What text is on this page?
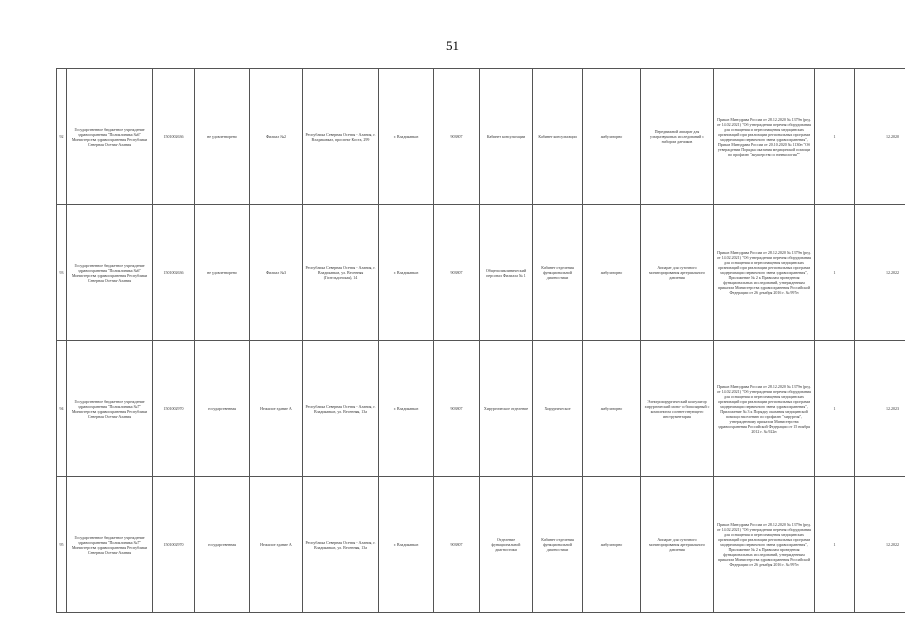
51
92	Государственное бюджетное учреждение здравоохранения "Поликлиника №6" Министерства здравоохранения Республики Северная Осетия-Алания	1501002636	не удовлетворено	Филиал №2	Республика Северная Осетия - Алания, г. Владикавказ, проспект Коста, 299	г. Владикавказ	903807	Кабинет консультации	Кабинет консультации	амбулаторно	Передвижной аппарат для ультразвуковых исследований с набором датчиков	Приказ Минздрава России от 28.12.2020 № 1379н (ред. от 14.02.2021) "Об утверждении перечня оборудования для оснащения и переоснащения медицинских организаций при реализации региональных программ модернизации первичного звена здравоохранения", Приказ Минздрава России от 20.10.2020 № 1130н "Об утверждении Порядка оказания медицинской помощи по профилю "акушерство и гинекология""	1	12.2020
93	Государственное бюджетное учреждение здравоохранения "Поликлиника №6" Министерства здравоохранения Республики Северная Осетия-Алания	1501002636	не удовлетворено	Филиал №3	Республика Северная Осетия - Алания, г. Владикавказ, ул. Весенняя (Гизельдонская), 14	г. Владикавказ	903807	Общеполиклинический персонал Филиала № 1	Кабинет отделения функциональной диагностики	амбулаторно	Аппарат для суточного мониторирования артериального давления	Приказ Минздрава России от 28.12.2020 № 1379н (ред. от 14.02.2021) "Об утверждении перечня оборудования для оснащения и переоснащения медицинских организаций при реализации региональных программ модернизации первичного звена здравоохранения", Приложение № 2 к Правилам проведения функциональных исследований, утвержденным приказом Министерства здравоохранения Российской Федерации от 26 декабря 2016 г. № 997н	1	12.2022
94	Государственное бюджетное учреждение здравоохранения "Поликлиника №7" Министерства здравоохранения Республики Северная Осетия-Алания	1501002970	государственная	Нежилое здание А	Республика Северная Осетия - Алания, г. Владикавказ, ул. Весенняя, 13а	г. Владикавказ	903807	Хирургическое отделение	Хирургическое	амбулаторно	Электрохирургический коагулятор хирургический моно- и биполярный с комплектом соответствующего инструментария	Приказ Минздрава России от 28.12.2020 № 1379н (ред. от 14.02.2021) "Об утверждении перечня оборудования для оснащения и переоснащения медицинских организаций при реализации региональных программ модернизации первичного звена здравоохранения", Приложение № 3 к Порядку оказания медицинской помощи населению по профилю "хирургия", утвержденному приказом Министерства здравоохранения Российской Федерации от 15 ноября 2012 г. № 922н	1	12.2023
95	Государственное бюджетное учреждение здравоохранения "Поликлиника №7" Министерства здравоохранения Республики Северная Осетия-Алания	1501002970	государственная	Нежилое здание А	Республика Северная Осетия - Алания, г. Владикавказ, ул. Весенняя, 13а	г. Владикавказ	903807	Отделение функциональной диагностики	Кабинет отделения функциональной диагностики	амбулаторно	Аппарат для суточного мониторирования артериального давления	Приказ Минздрава России от 28.12.2020 № 1379н (ред. от 14.02.2021) "Об утверждении перечня оборудования для оснащения и переоснащения медицинских организаций при реализации региональных программ модернизации первичного звена здравоохранения", Приложение № 2 к Правилам проведения функциональных исследований, утвержденным приказом Министерства здравоохранения Российской Федерации от 26 декабря 2016 г. № 997н	1	12.2022
